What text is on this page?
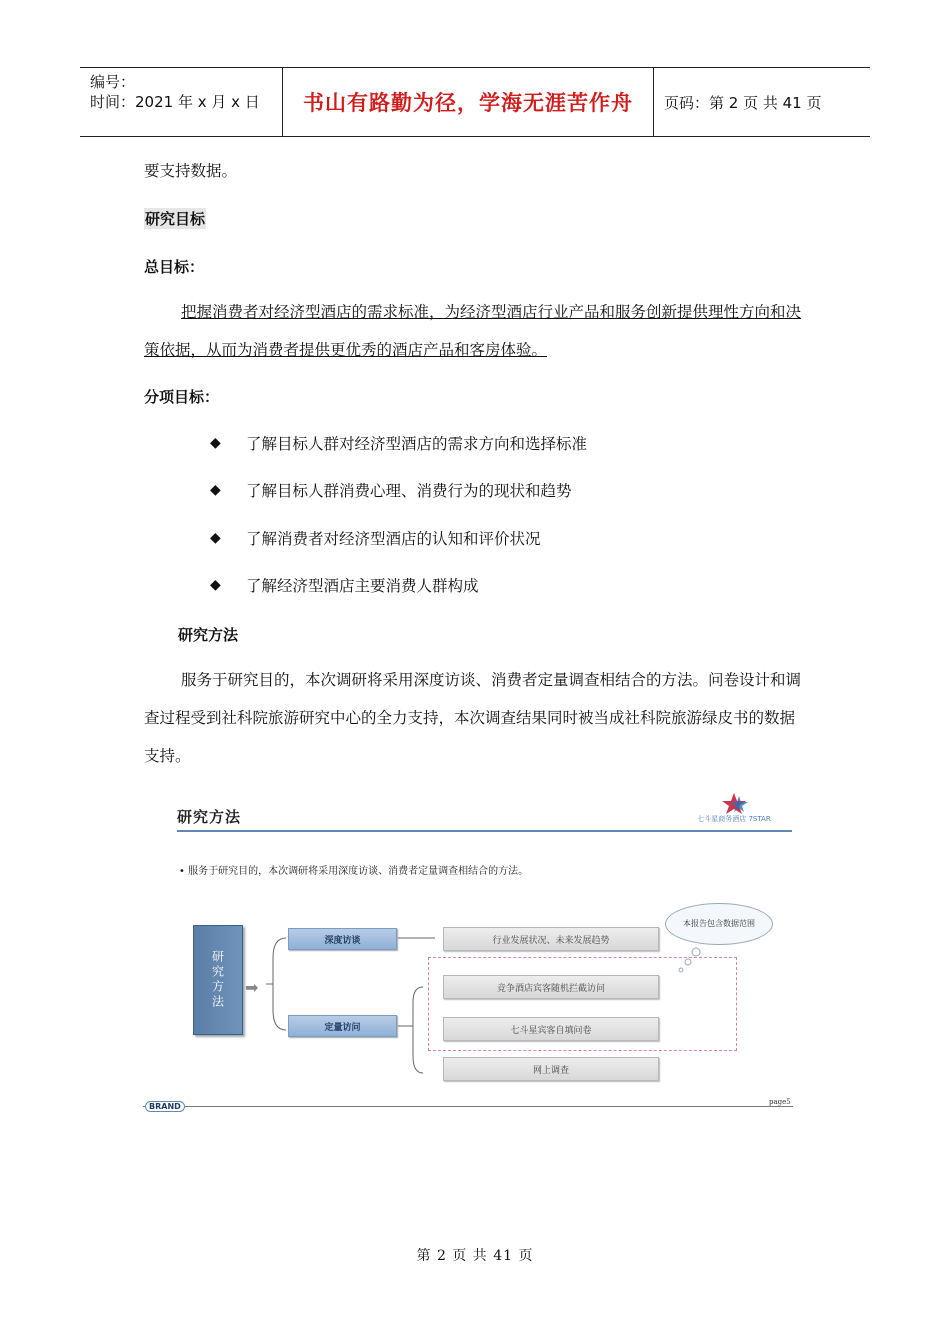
编号：
时间：2021 年 x 月 x 日	书山有路勤为径，学海无涯苦作舟	页码：第 2 页 共 41 页
要支持数据。
研究目标
总目标：
把握消费者对经济型酒店的需求标准，为经济型酒店行业产品和服务创新提供理性方向和决策依据，从而为消费者提供更优秀的酒店产品和客房体验。
分项目标：
◆	了解目标人群对经济型酒店的需求方向和选择标准
◆	了解目标人群消费心理、消费行为的现状和趋势
◆	了解消费者对经济型酒店的认知和评价状况
◆	了解经济型酒店主要消费人群构成
研究方法
服务于研究目的，本次调研将采用深度访谈、消费者定量调查相结合的方法。问卷设计和调查过程受到社科院旅游研究中心的全力支持，本次调查结果同时被当成社科院旅游绿皮书的数据支持。
研究方法	七斗星商务酒店 7STAR
• 服务于研究目的，本次调研将采用深度访谈、消费者定量调查相结合的方法。
研究方法	➡
深度访谈
定量访问
行业发展状况、未来发展趋势
竞争酒店宾客随机拦截访问
七斗星宾客自填问卷
网上调查
本报告包含数据范围
BRAND	page5
第 2 页 共 41 页
